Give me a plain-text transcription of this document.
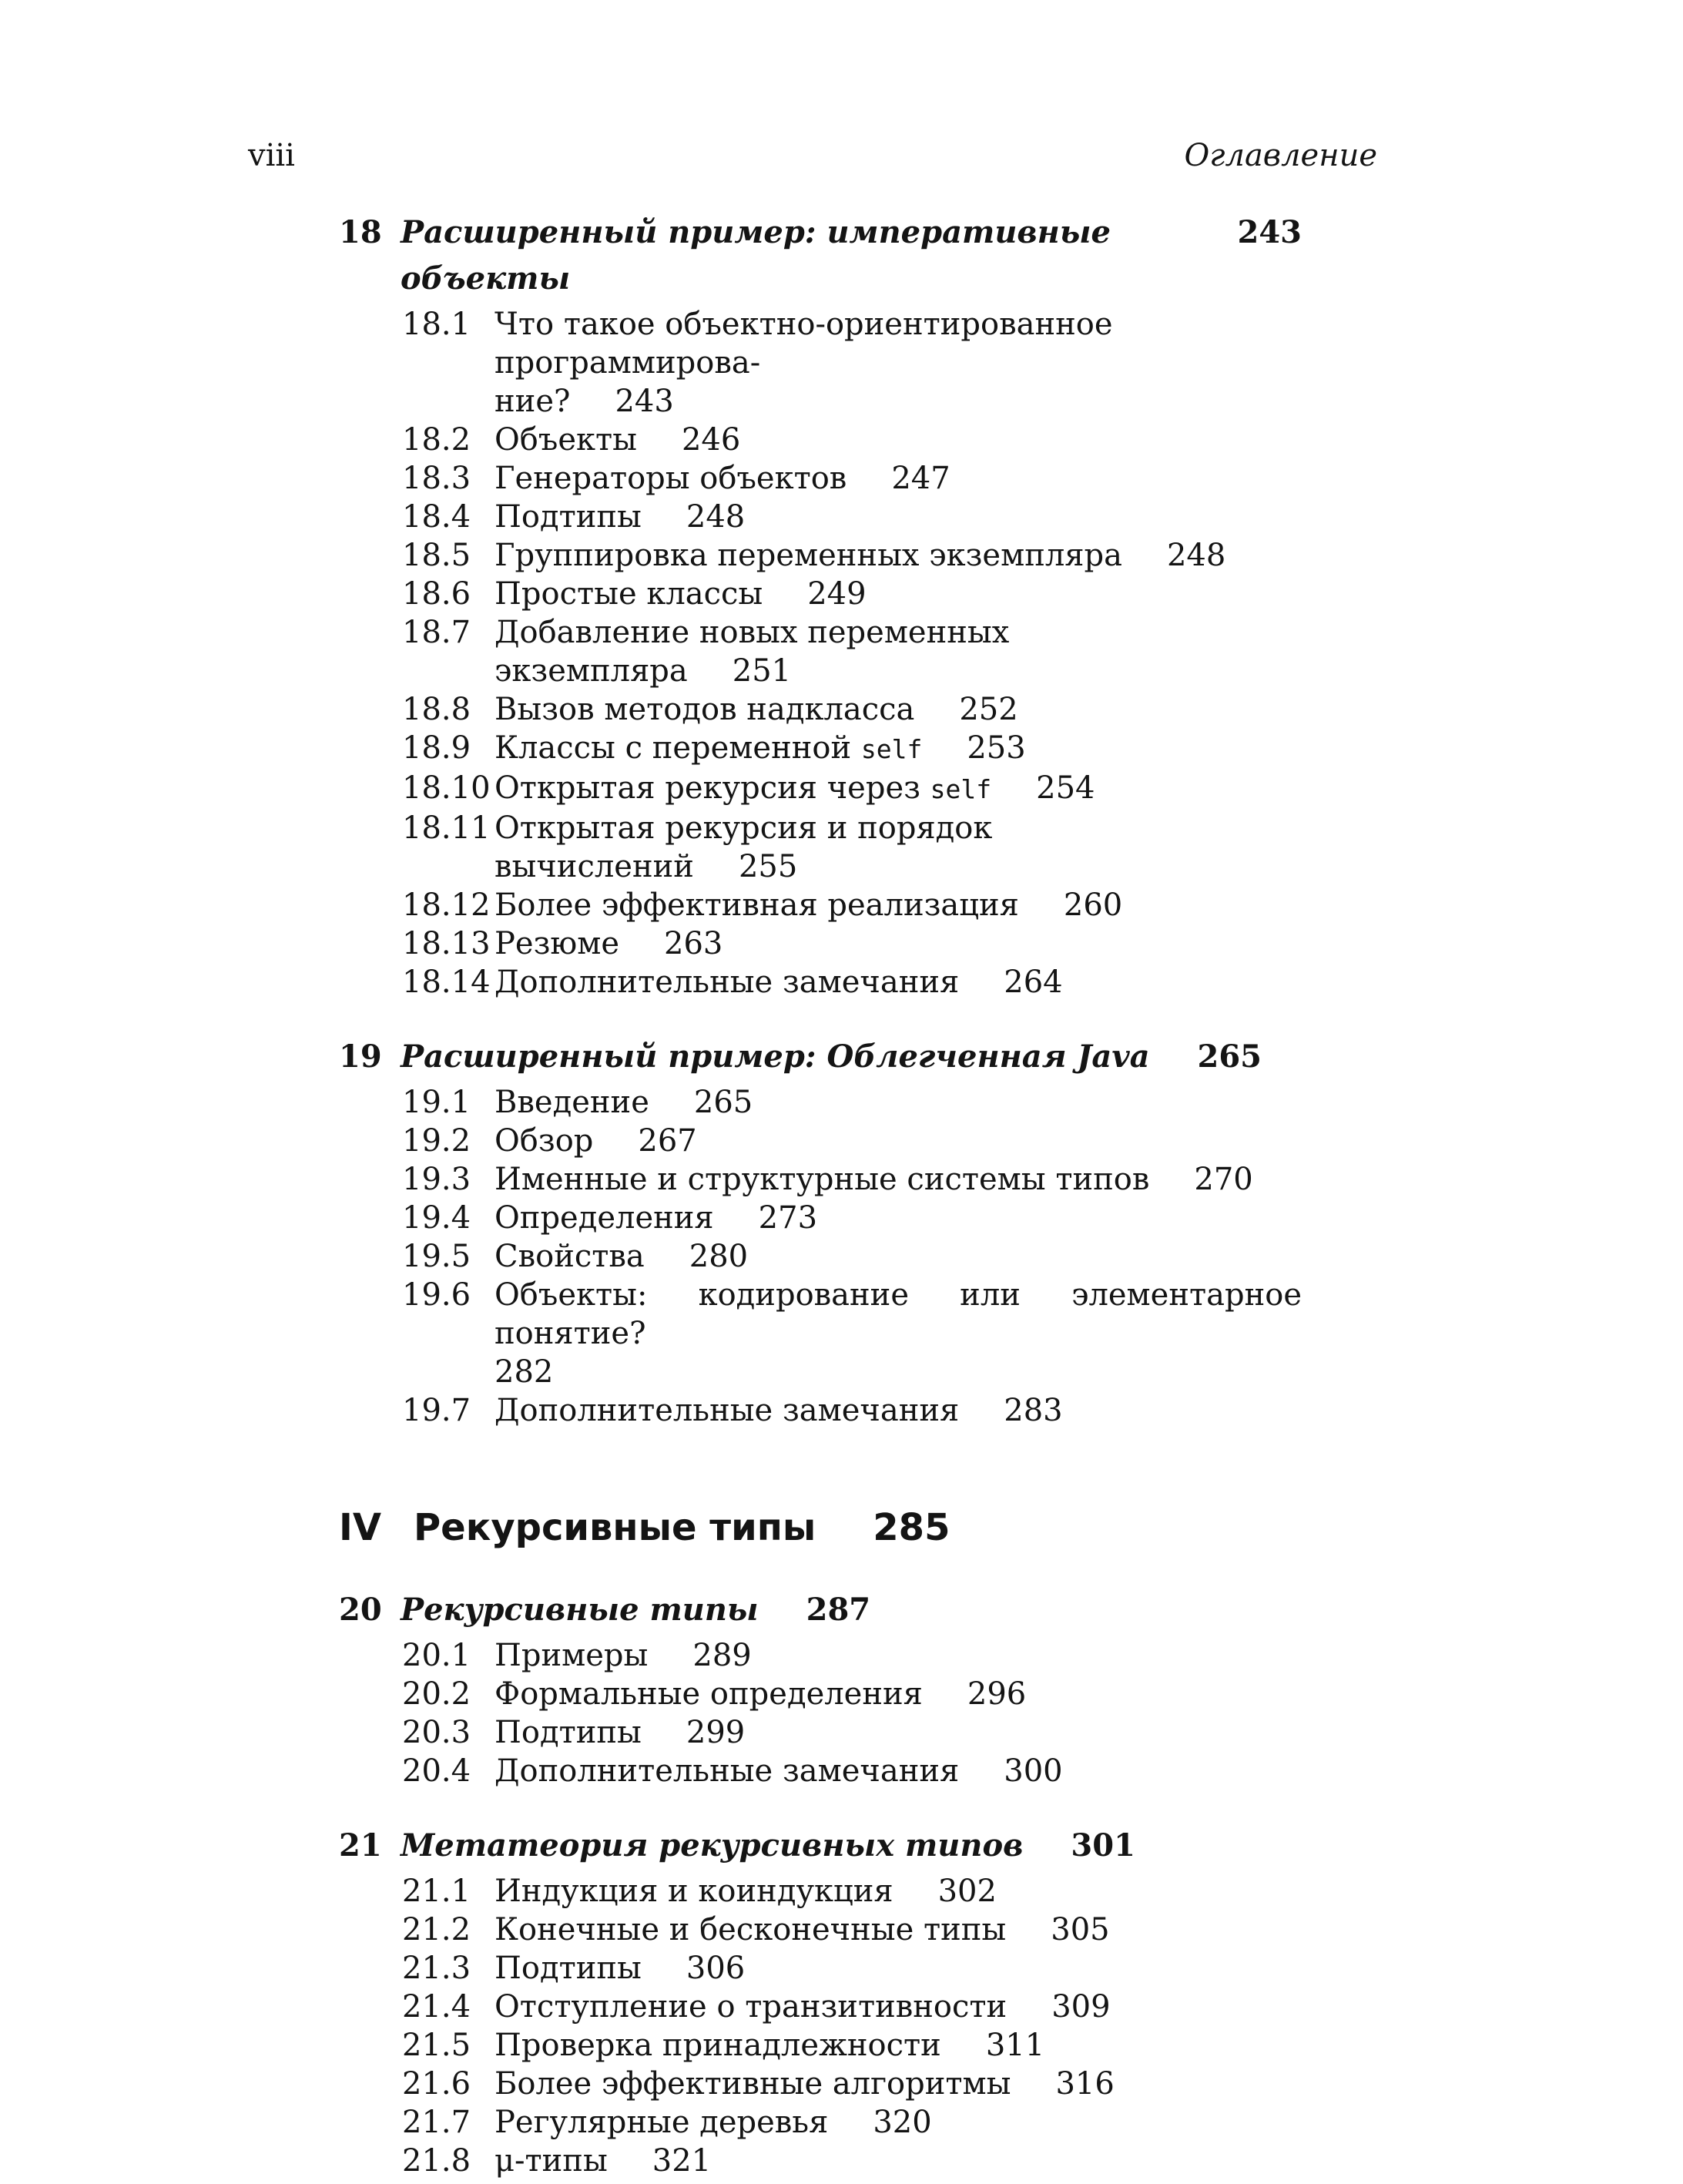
viii	Оглавление
18 Расширенный пример: императивные объекты
243
18.1 Что такое объектно-ориентированное программирова-
ние? 243
18.2 Объекты 246
18.3 Генераторы объектов 247
18.4 Подтипы 248
18.5 Группировка переменных экземпляра 248
18.6 Простые классы 249
18.7 Добавление новых переменных экземпляра 251
18.8 Вызов методов надкласса 252
18.9 Классы с переменной self 253
18.10 Открытая рекурсия через self 254
18.11 Открытая рекурсия и порядок вычислений 255
18.12 Более эффективная реализация 260
18.13 Резюме 263
18.14 Дополнительные замечания 264
19 Расширенный пример: Облегченная Java 265
19.1 Введение 265
19.2 Обзор 267
19.3 Именные и структурные системы типов 270
19.4 Определения 273
19.5 Свойства 280
19.6 Объекты: кодирование или элементарное понятие?
282
19.7 Дополнительные замечания 283
IV Рекурсивные типы 285
20 Рекурсивные типы 287
20.1 Примеры 289
20.2 Формальные определения 296
20.3 Подтипы 299
20.4 Дополнительные замечания 300
21 Метатеория рекурсивных типов 301
21.1 Индукция и коиндукция 302
21.2 Конечные и бесконечные типы 305
21.3 Подтипы 306
21.4 Отступление о транзитивности 309
21.5 Проверка принадлежности 311
21.6 Более эффективные алгоритмы 316
21.7 Регулярные деревья 320
21.8 μ-типы 321
